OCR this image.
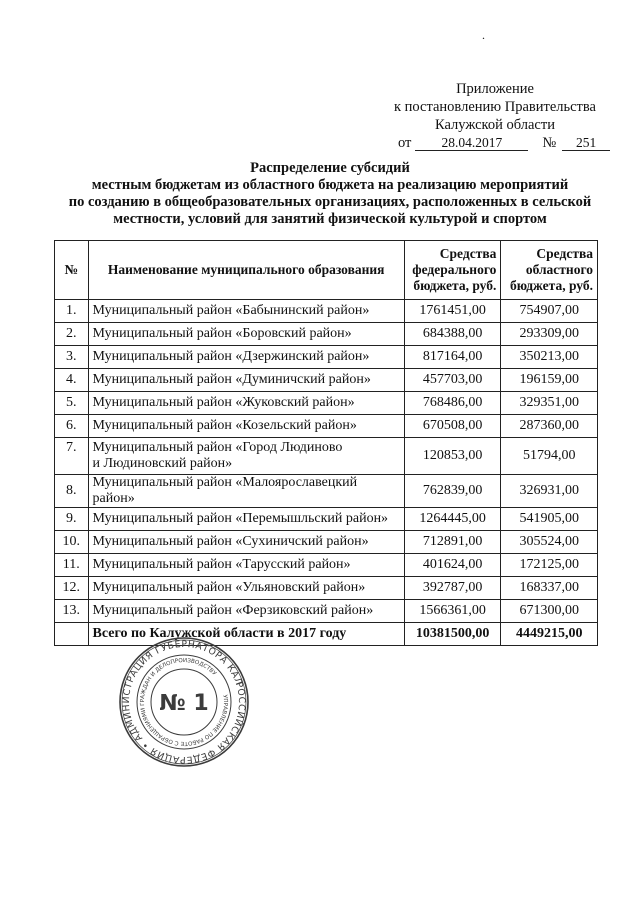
.
Приложение
к постановлению Правительства
Калужской области
от	28.04.2017	№	251
Распределение субсидий
местным бюджетам из областного бюджета на реализацию мероприятий
по созданию в общеобразовательных организациях, расположенных в сельской
местности, условий для занятий физической культурой и спортом
№	Наименование муниципального образования	Средства федерального бюджета, руб.	Средства областного бюджета, руб.
1.	Муниципальный район «Бабынинский район»	1761451,00	754907,00
2.	Муниципальный район «Боровский район»	684388,00	293309,00
3.	Муниципальный район «Дзержинский район»	817164,00	350213,00
4.	Муниципальный район «Думиничский район»	457703,00	196159,00
5.	Муниципальный район «Жуковский район»	768486,00	329351,00
6.	Муниципальный район «Козельский район»	670508,00	287360,00
7.	Муниципальный район «Город Людиново
и Людиновский район»	120853,00	51794,00
8.	Муниципальный район «Малоярославецкий район»	762839,00	326931,00
9.	Муниципальный район «Перемышльский район»	1264445,00	541905,00
10.	Муниципальный район «Сухиничский район»	712891,00	305524,00
11.	Муниципальный район «Тарусский район»	401624,00	172125,00
12.	Муниципальный район «Ульяновский район»	392787,00	168337,00
13.	Муниципальный район «Ферзиковский район»	1566361,00	671300,00
	Всего по Калужской области в 2017 году	10381500,00	4449215,00
РОССИЙСКАЯ ФЕДЕРАЦИЯ • АДМИНИСТРАЦИЯ ГУБЕРНАТОРА КАЛУЖСКОЙ
УПРАВЛЕНИЕ ПО РАБОТЕ С ОБРАЩЕНИЯМИ ГРАЖДАН И ДЕЛОПРОИЗВОДСТВУ
№ 1
